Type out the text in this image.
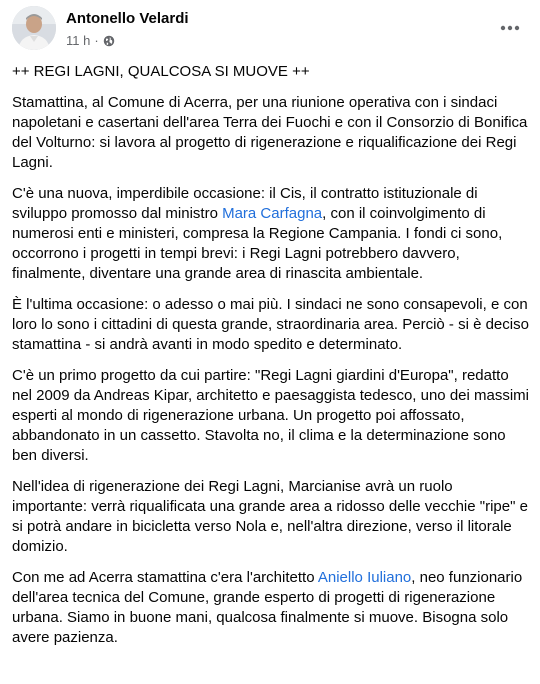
Antonello Velardi
11 h ·

++ REGI LAGNI, QUALCOSA SI MUOVE ++

Stamattina, al Comune di Acerra, per una riunione operativa con i sindaci napoletani e casertani dell'area Terra dei Fuochi e con il Consorzio di Bonifica del Volturno: si lavora al progetto di rigenerazione e riqualificazione dei Regi Lagni.

C'è una nuova, imperdibile occasione: il Cis, il contratto istituzionale di sviluppo promosso dal ministro Mara Carfagna, con il coinvolgimento di numerosi enti e ministeri, compresa la Regione Campania. I fondi ci sono, occorrono i progetti in tempi brevi: i Regi Lagni potrebbero davvero, finalmente, diventare una grande area di rinascita ambientale.

È l'ultima occasione: o adesso o mai più. I sindaci ne sono consapevoli, e con loro lo sono i cittadini di questa grande, straordinaria area. Perciò - si è deciso stamattina - si andrà avanti in modo spedito e determinato.

C'è un primo progetto da cui partire: "Regi Lagni giardini d'Europa", redatto nel 2009 da Andreas Kipar, architetto e paesaggista tedesco, uno dei massimi esperti al mondo di rigenerazione urbana. Un progetto poi affossato, abbandonato in un cassetto. Stavolta no, il clima e la determinazione sono ben diversi.

Nell'idea di rigenerazione dei Regi Lagni, Marcianise avrà un ruolo importante: verrà riqualificata una grande area a ridosso delle vecchie "ripe" e si potrà andare in bicicletta verso Nola e, nell'altra direzione, verso il litorale domizio.

Con me ad Acerra stamattina c'era l'architetto Aniello Iuliano, neo funzionario dell'area tecnica del Comune, grande esperto di progetti di rigenerazione urbana. Siamo in buone mani, qualcosa finalmente si muove. Bisogna solo avere pazienza.
